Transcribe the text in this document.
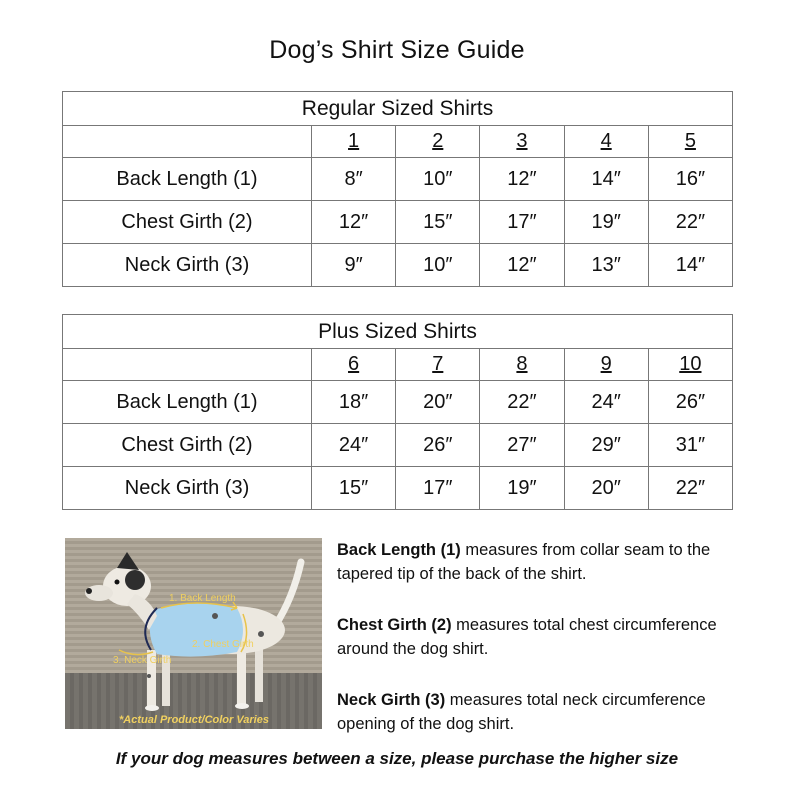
Dog’s Shirt Size Guide
Regular Sized Shirts					
	1	2	3	4	5
Back Length (1)	8″	10″	12″	14″	16″
Chest Girth (2)	12″	15″	17″	19″	22″
Neck Girth (3)	9″	10″	12″	13″	14″
Plus Sized Shirts					
	6	7	8	9	10
Back Length (1)	18″	20″	22″	24″	26″
Chest Girth (2)	24″	26″	27″	29″	31″
Neck Girth (3)	15″	17″	19″	20″	22″
1. Back Length
2. Chest Girth
3. Neck Girth
*Actual Product/Color Varies
Back Length (1) measures from collar seam to the tapered tip of the back of the shirt.
Chest Girth (2) measures total chest circumference around the dog shirt.
Neck Girth (3) measures total neck circumference opening of the dog shirt.
If your dog measures between a size, please purchase the higher size
